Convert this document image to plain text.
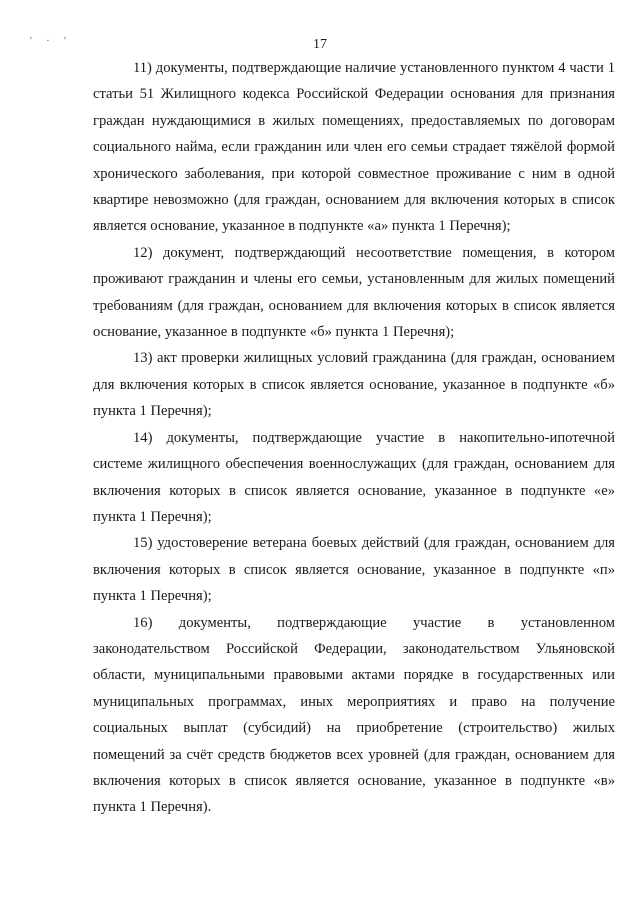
' · '	17

11) документы, подтверждающие наличие установленного пунктом 4 части 1 статьи 51 Жилищного кодекса Российской Федерации основания для признания граждан нуждающимися в жилых помещениях, предоставляемых по договорам социального найма, если гражданин или член его семьи страдает тяжёлой формой хронического заболевания, при которой совместное проживание с ним в одной квартире невозможно (для граждан, основанием для включения которых в список является основание, указанное в подпункте «а» пункта 1 Перечня);

12) документ, подтверждающий несоответствие помещения, в котором проживают гражданин и члены его семьи, установленным для жилых помещений требованиям (для граждан, основанием для включения которых в список является основание, указанное в подпункте «б» пункта 1 Перечня);

13) акт проверки жилищных условий гражданина (для граждан, основанием для включения которых в список является основание, указанное в подпункте «б» пункта 1 Перечня);

14) документы, подтверждающие участие в накопительно-ипотечной системе жилищного обеспечения военнослужащих (для граждан, основанием для включения которых в список является основание, указанное в подпункте «е» пункта 1 Перечня);

15) удостоверение ветерана боевых действий (для граждан, основанием для включения которых в список является основание, указанное в подпункте «п» пункта 1 Перечня);

16) документы, подтверждающие участие в установленном законодательством Российской Федерации, законодательством Ульяновской области, муниципальными правовыми актами порядке в государственных или муниципальных программах, иных мероприятиях и право на получение социальных выплат (субсидий) на приобретение (строительство) жилых помещений за счёт средств бюджетов всех уровней (для граждан, основанием для включения которых в список является основание, указанное в подпункте «в» пункта 1 Перечня).
